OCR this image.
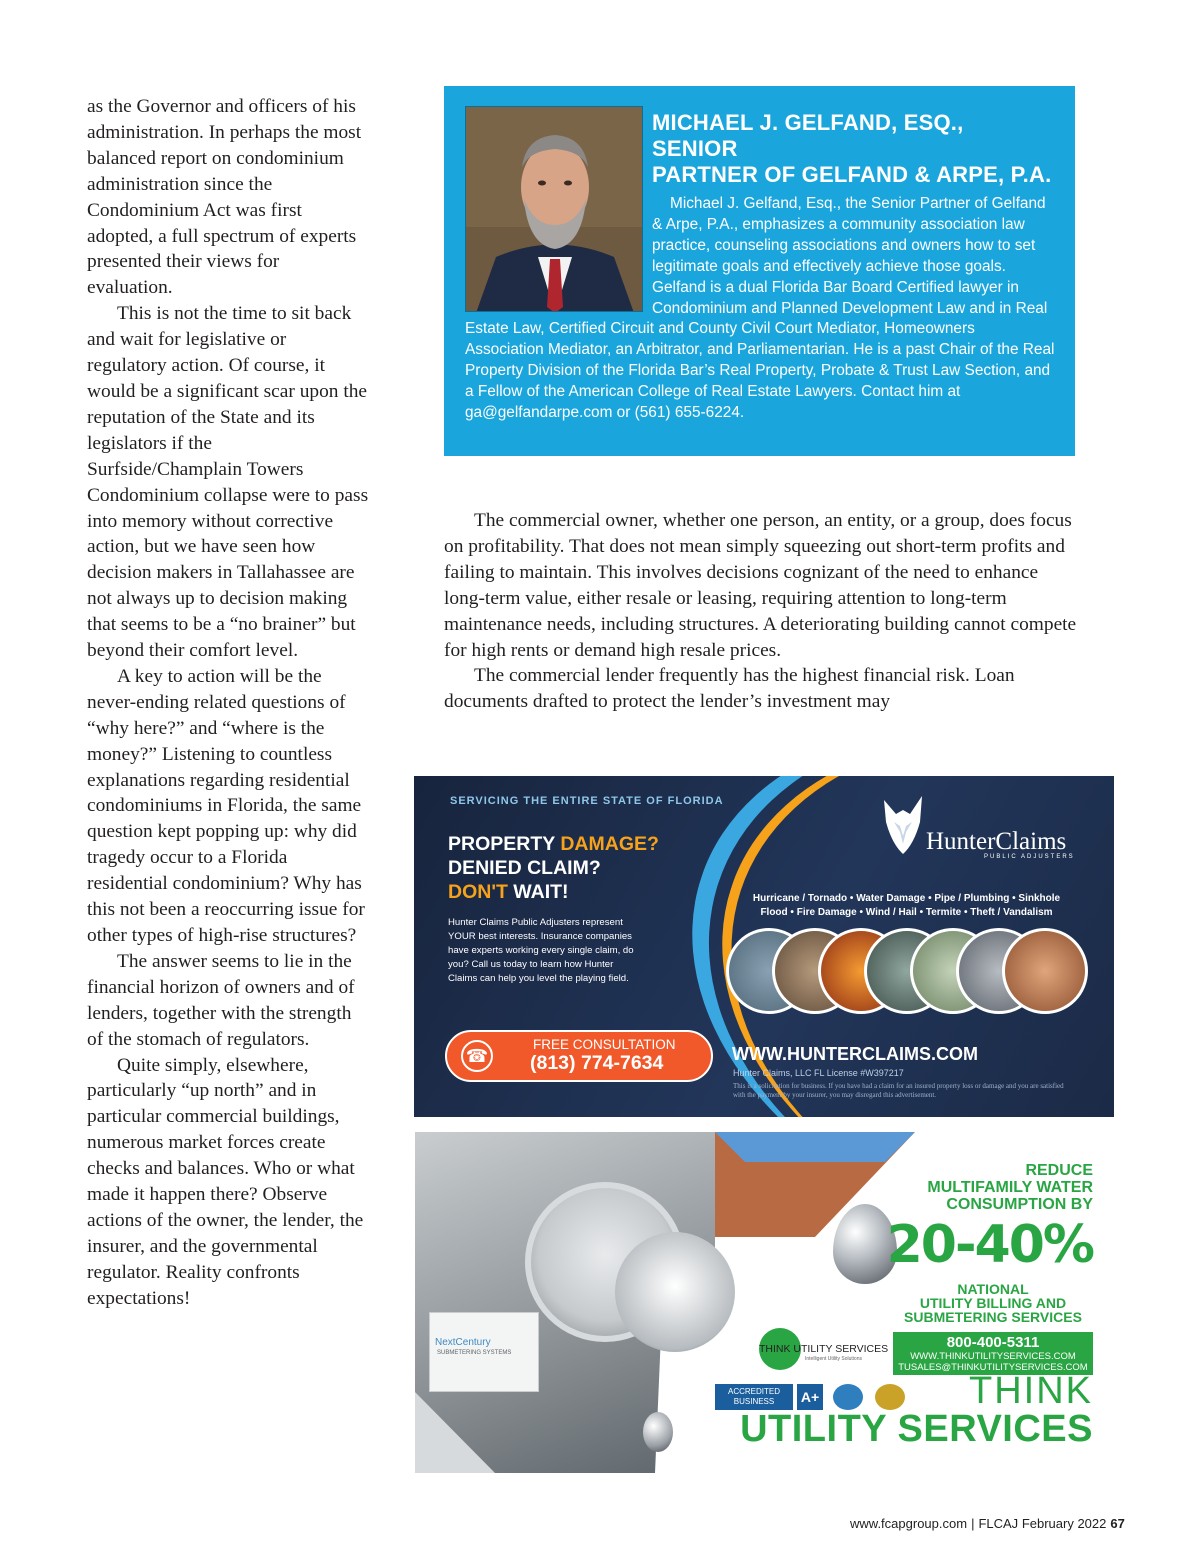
as the Governor and officers of his administration. In perhaps the most balanced report on condominium administration since the Condominium Act was first adopted, a full spectrum of experts presented their views for evaluation.

This is not the time to sit back and wait for legislative or regulatory action. Of course, it would be a significant scar upon the reputation of the State and its legislators if the Surfside/Champlain Towers Condominium collapse were to pass into memory without corrective action, but we have seen how decision makers in Tallahassee are not always up to decision making that seems to be a “no brainer” but beyond their comfort level.

A key to action will be the never-ending related questions of “why here?” and “where is the money?” Listening to countless explanations regarding residential condominiums in Florida, the same question kept popping up: why did tragedy occur to a Florida residential condominium? Why has this not been a reoccurring issue for other types of high-rise structures?

The answer seems to lie in the financial horizon of owners and of lenders, together with the strength of the stomach of regulators.

Quite simply, elsewhere, particularly “up north” and in particular commercial buildings, numerous market forces create checks and balances. Who or what made it happen there? Observe actions of the owner, the lender, the insurer, and the governmental regulator. Reality confronts expectations!

MICHAEL J. GELFAND, ESQ., SENIOR
PARTNER OF GELFAND & ARPE, P.A.

Michael J. Gelfand, Esq., the Senior Partner of Gelfand & Arpe, P.A., emphasizes a community association law practice, counseling associations and owners how to set legitimate goals and effectively achieve those goals. Gelfand is a dual Florida Bar Board Certified lawyer in Condominium and Planned Development Law and in Real Estate Law, Certified Circuit and County Civil Court Mediator, Homeowners Association Mediator, an Arbitrator, and Parliamentarian. He is a past Chair of the Real Property Division of the Florida Bar’s Real Property, Probate & Trust Law Section, and a Fellow of the American College of Real Estate Lawyers. Contact him at ga@gelfandarpe.com or (561) 655-6224.

The commercial owner, whether one person, an entity, or a group, does focus on profitability. That does not mean simply squeezing out short-term profits and failing to maintain. This involves decisions cognizant of the need to enhance long-term value, either resale or leasing, requiring attention to long-term maintenance needs, including structures. A deteriorating building cannot compete for high rents or demand high resale prices.

The commercial lender frequently has the highest financial risk. Loan documents drafted to protect the lender’s investment may

SERVICING THE ENTIRE STATE OF FLORIDA
PROPERTY DAMAGE?
DENIED CLAIM?
DON'T WAIT!

Hunter Claims Public Adjusters represent YOUR best interests. Insurance companies have experts working every single claim, do you? Call us today to learn how Hunter Claims can help you level the playing field.

☎
FREE CONSULTATION
(813) 774-7634
HunterClaims
PUBLIC ADJUSTERS
Hurricane / Tornado • Water Damage • Pipe / Plumbing • Sinkhole
Flood • Fire Damage • Wind / Hail • Termite • Theft / Vandalism
WWW.HUNTERCLAIMS.COM
Hunter Claims, LLC FL License #W397217

This is a solicitation for business. If you have had a claim for an insured property loss or damage and you are satisfied with the payment by your insurer, you may disregard this advertisement.

NextCentury
SUBMETERING SYSTEMS
REDUCE
MULTIFAMILY WATER
CONSUMPTION BY
20-40%
NATIONAL
UTILITY BILLING AND
SUBMETERING SERVICES
800-400-5311
WWW.THINKUTILITYSERVICES.COM
TUSALES@THINKUTILITYSERVICES.COM
THINK UTILITY SERVICES
Intelligent Utility Solutions
ACCREDITED BUSINESS	A+	THINK
UTILITY SERVICES
www.fcapgroup.com | FLCAJ February 2022 67
